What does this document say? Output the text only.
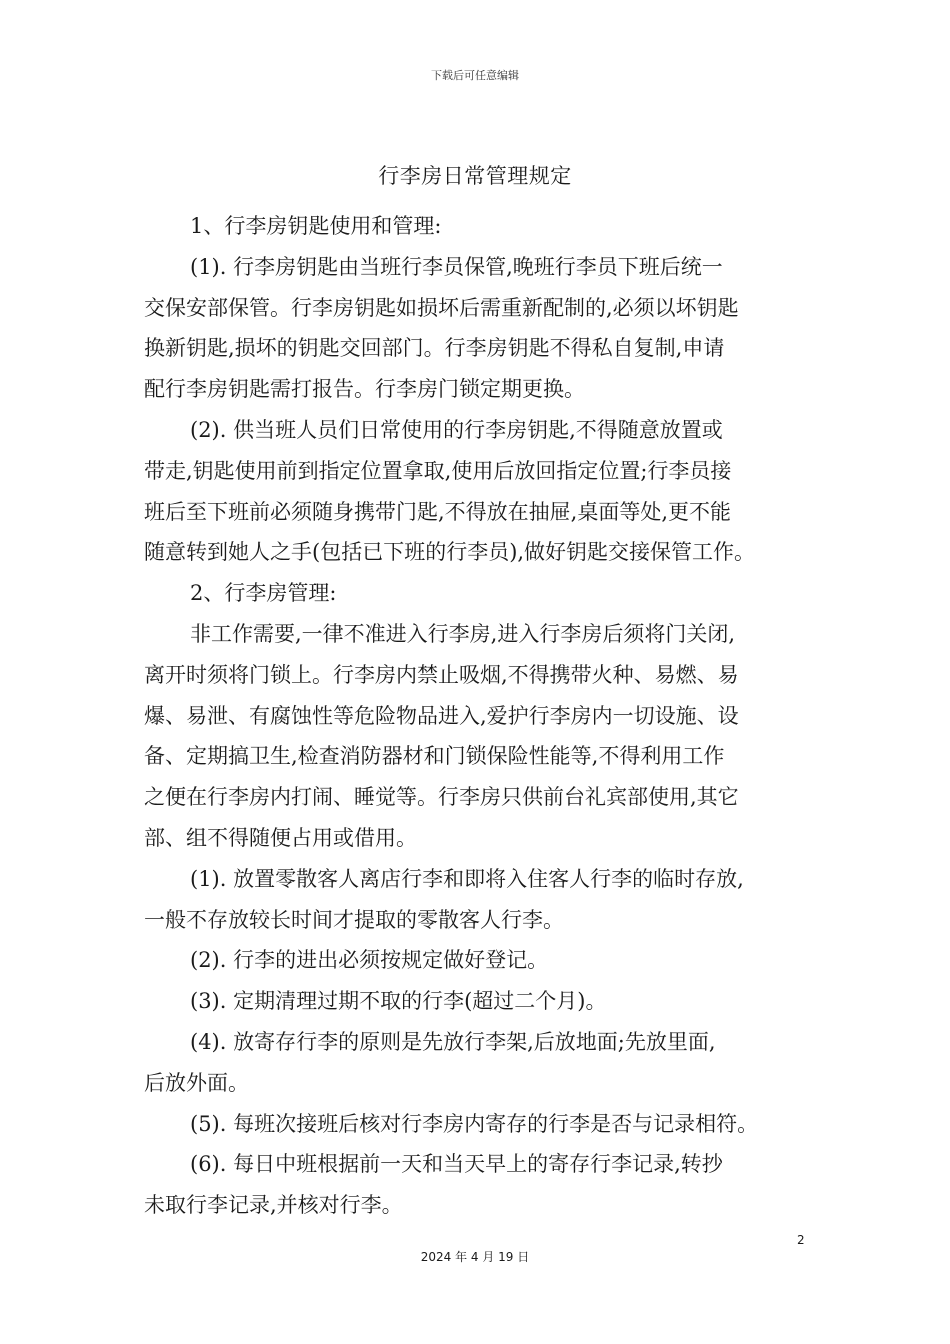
下载后可任意编辑
行李房日常管理规定
1、行李房钥匙使用和管理:
(1). 行李房钥匙由当班行李员保管,晚班行李员下班后统一
交保安部保管。行李房钥匙如损坏后需重新配制的,必须以坏钥匙
换新钥匙,损坏的钥匙交回部门。行李房钥匙不得私自复制,申请
配行李房钥匙需打报告。行李房门锁定期更换。
(2). 供当班人员们日常使用的行李房钥匙,不得随意放置或
带走,钥匙使用前到指定位置拿取,使用后放回指定位置;行李员接
班后至下班前必须随身携带门匙,不得放在抽屉,桌面等处,更不能
随意转到她人之手(包括已下班的行李员),做好钥匙交接保管工作。
2、行李房管理:
非工作需要,一律不准进入行李房,进入行李房后须将门关闭,
离开时须将门锁上。行李房内禁止吸烟,不得携带火种、易燃、易
爆、易泄、有腐蚀性等危险物品进入,爱护行李房内一切设施、设
备、定期搞卫生,检查消防器材和门锁保险性能等,不得利用工作
之便在行李房内打闹、睡觉等。行李房只供前台礼宾部使用,其它
部、组不得随便占用或借用。
(1). 放置零散客人离店行李和即将入住客人行李的临时存放,
一般不存放较长时间才提取的零散客人行李。
(2). 行李的进出必须按规定做好登记。
(3). 定期清理过期不取的行李(超过二个月)。
(4). 放寄存行李的原则是先放行李架,后放地面;先放里面,
后放外面。
(5). 每班次接班后核对行李房内寄存的行李是否与记录相符。
(6). 每日中班根据前一天和当天早上的寄存行李记录,转抄
未取行李记录,并核对行李。
2
2024 年 4 月 19 日
